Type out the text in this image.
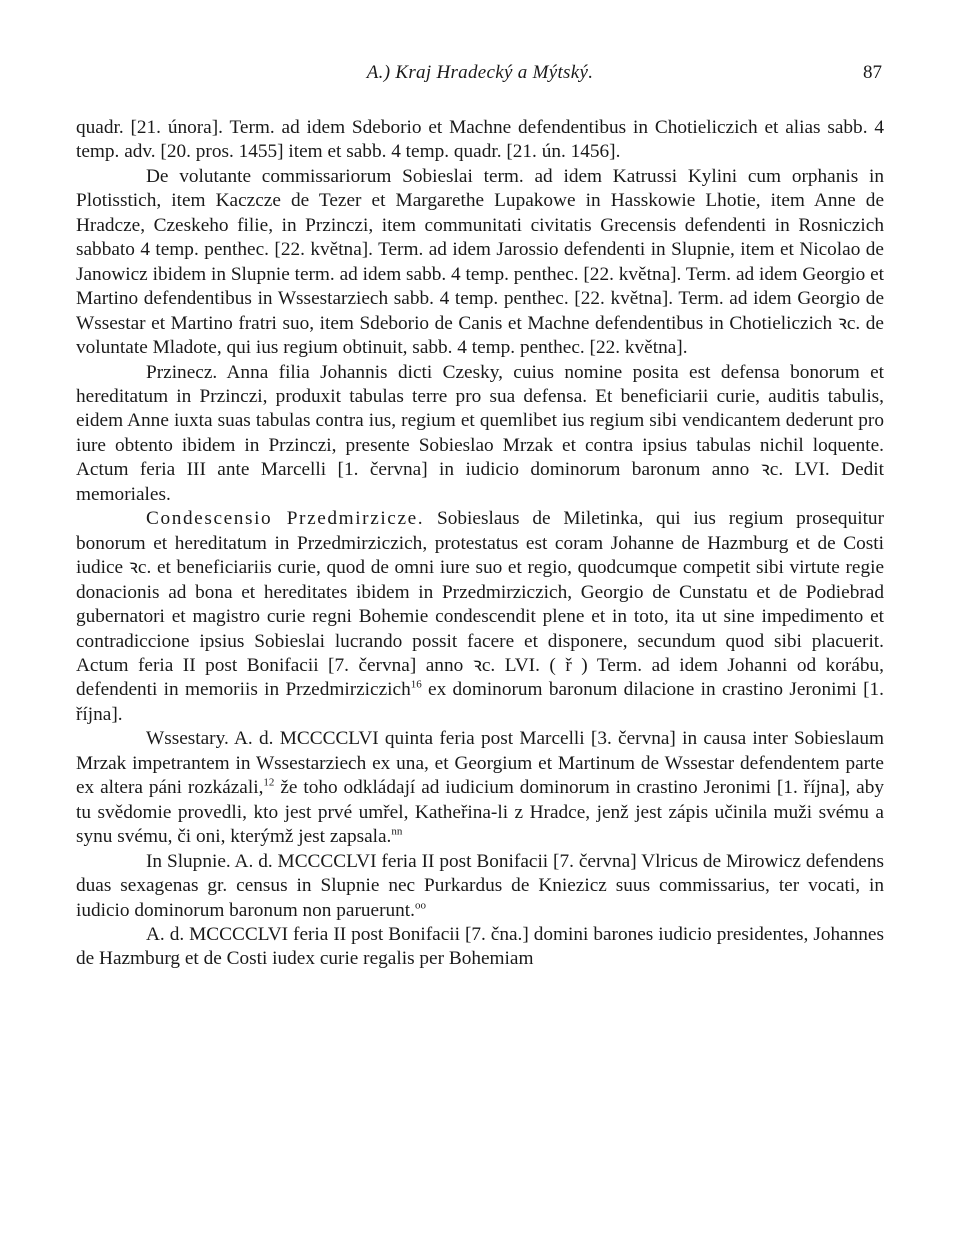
A.) Kraj Hradecký a Mýtský.	87

quadr. [21. února]. Term. ad idem Sdeborio et Machne defendentibus in Chotieliczich et alias sabb. 4 temp. adv. [20. pros. 1455] item et sabb. 4 temp. quadr. [21. ún. 1456].

De volutante commissariorum Sobieslai term. ad idem Katrussi Kylini cum orphanis in Plotisstich, item Kaczcze de Tezer et Margarethe Lupakowe in Hasskowie Lhotie, item Anne de Hradcze, Czeskeho filie, in Przinczi, item communitati civitatis Grecensis defendenti in Rosniczich sabbato 4 temp. penthec. [22. května]. Term. ad idem Jarossio defendenti in Slupnie, item et Nicolao de Janowicz ibidem in Slupnie term. ad idem sabb. 4 temp. penthec. [22. května]. Term. ad idem Georgio et Martino defendentibus in Wssestarziech sabb. 4 temp. penthec. [22. května]. Term. ad idem Georgio de Wssestar et Martino fratri suo, item Sdeborio de Canis et Machne defendentibus in Chotieliczich ꝛc. de voluntate Mladote, qui ius regium obtinuit, sabb. 4 temp. penthec. [22. května].

Przinecz. Anna filia Johannis dicti Czesky, cuius nomine posita est defensa bonorum et hereditatum in Przinczi, produxit tabulas terre pro sua defensa. Et beneficiarii curie, auditis tabulis, eidem Anne iuxta suas tabulas contra ius, regium et quemlibet ius regium sibi vendicantem dederunt pro iure obtento ibidem in Przinczi, presente Sobieslao Mrzak et contra ipsius tabulas nichil loquente. Actum feria III ante Marcelli [1. června] in iudicio dominorum baronum anno ꝛc. LVI. Dedit memoriales.

Condescensio Przedmirzicze. Sobieslaus de Miletinka, qui ius regium prosequitur bonorum et hereditatum in Przedmirziczich, protestatus est coram Johanne de Hazmburg et de Costi iudice ꝛc. et beneficiariis curie, quod de omni iure suo et regio, quodcumque competit sibi virtute regie donacionis ad bona et hereditates ibidem in Przedmirziczich, Georgio de Cunstatu et de Podiebrad gubernatori et magistro curie regni Bohemie condescendit plene et in toto, ita ut sine impedimento et contradiccione ipsius Sobieslai lucrando possit facere et disponere, secundum quod sibi placuerit. Actum feria II post Bonifacii [7. června] anno ꝛc. LVI. ( ř ) Term. ad idem Johanni od korábu, defendenti in memoriis in Przedmirziczich$^{16}$ ex dominorum baronum dilacione in crastino Jeronimi [1. října].

Wssestary. A. d. MCCCCLVI quinta feria post Marcelli [3. června] in causa inter Sobieslaum Mrzak impetrantem in Wssestarziech ex una, et Georgium et Martinum de Wssestar defendentem parte ex altera páni rozkázali,$^{12}$ že toho odkládají ad iudicium dominorum in crastino Jeronimi [1. října], aby tu svědomie provedli, kto jest prvé umřel, Katheřina-li z Hradce, jenž jest zápis učinila muži svému a synu svému, či oni, kterýmž jest zapsala.$^{nn}$

In Slupnie. A. d. MCCCCLVI feria II post Bonifacii [7. června] Vlricus de Mirowicz defendens duas sexagenas gr. census in Slupnie nec Purkardus de Kniezicz suus commissarius, ter vocati, in iudicio dominorum baronum non paruerunt.$^{oo}$

A. d. MCCCCLVI feria II post Bonifacii [7. čna.] domini barones iudicio presidentes, Johannes de Hazmburg et de Costi iudex curie regalis per Bohemiam
